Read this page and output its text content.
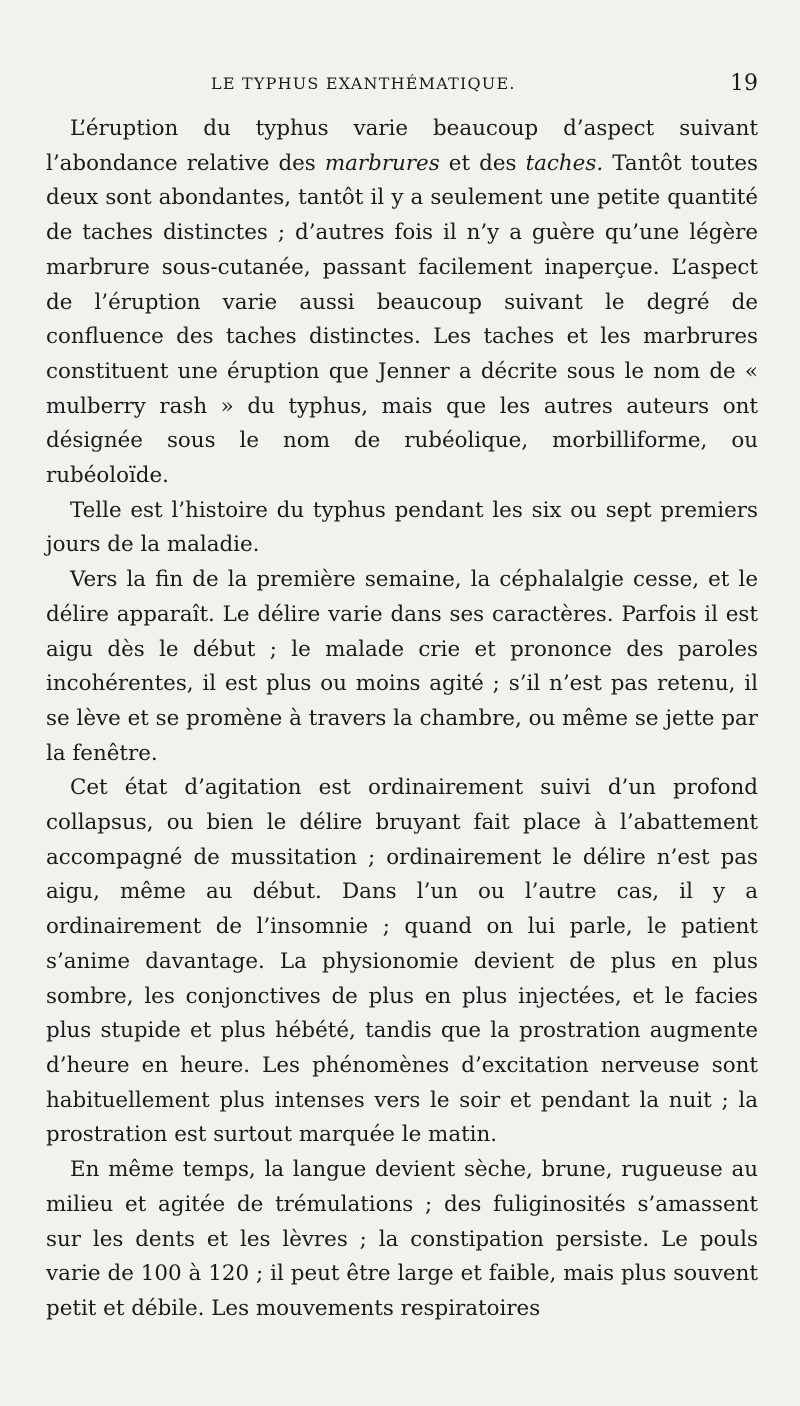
LE TYPHUS EXANTHÉMATIQUE.	19

L’éruption du typhus varie beaucoup d’aspect suivant l’abondance relative des marbrures et des taches. Tantôt toutes deux sont abondantes, tantôt il y a seulement une petite quantité de taches distinctes ; d’autres fois il n’y a guère qu’une légère marbrure sous-cutanée, passant facilement inaperçue. L’aspect de l’éruption varie aussi beaucoup suivant le degré de confluence des taches distinctes. Les taches et les marbrures constituent une éruption que Jenner a décrite sous le nom de « mulberry rash » du typhus, mais que les autres auteurs ont désignée sous le nom de rubéolique, morbilliforme, ou rubéoloïde.

Telle est l’histoire du typhus pendant les six ou sept premiers jours de la maladie.

Vers la fin de la première semaine, la céphalalgie cesse, et le délire apparaît. Le délire varie dans ses caractères. Parfois il est aigu dès le début ; le malade crie et prononce des paroles incohérentes, il est plus ou moins agité ; s’il n’est pas retenu, il se lève et se promène à travers la chambre, ou même se jette par la fenêtre.

Cet état d’agitation est ordinairement suivi d’un profond collapsus, ou bien le délire bruyant fait place à l’abattement accompagné de mussitation ; ordinairement le délire n’est pas aigu, même au début. Dans l’un ou l’autre cas, il y a ordinairement de l’insomnie ; quand on lui parle, le patient s’anime davantage. La physionomie devient de plus en plus sombre, les conjonctives de plus en plus injectées, et le facies plus stupide et plus hébété, tandis que la prostration augmente d’heure en heure. Les phénomènes d’excitation nerveuse sont habituellement plus intenses vers le soir et pendant la nuit ; la prostration est surtout marquée le matin.

En même temps, la langue devient sèche, brune, rugueuse au milieu et agitée de trémulations ; des fuliginosités s’amassent sur les dents et les lèvres ; la constipation persiste. Le pouls varie de 100 à 120 ; il peut être large et faible, mais plus souvent petit et débile. Les mouvements respiratoires
